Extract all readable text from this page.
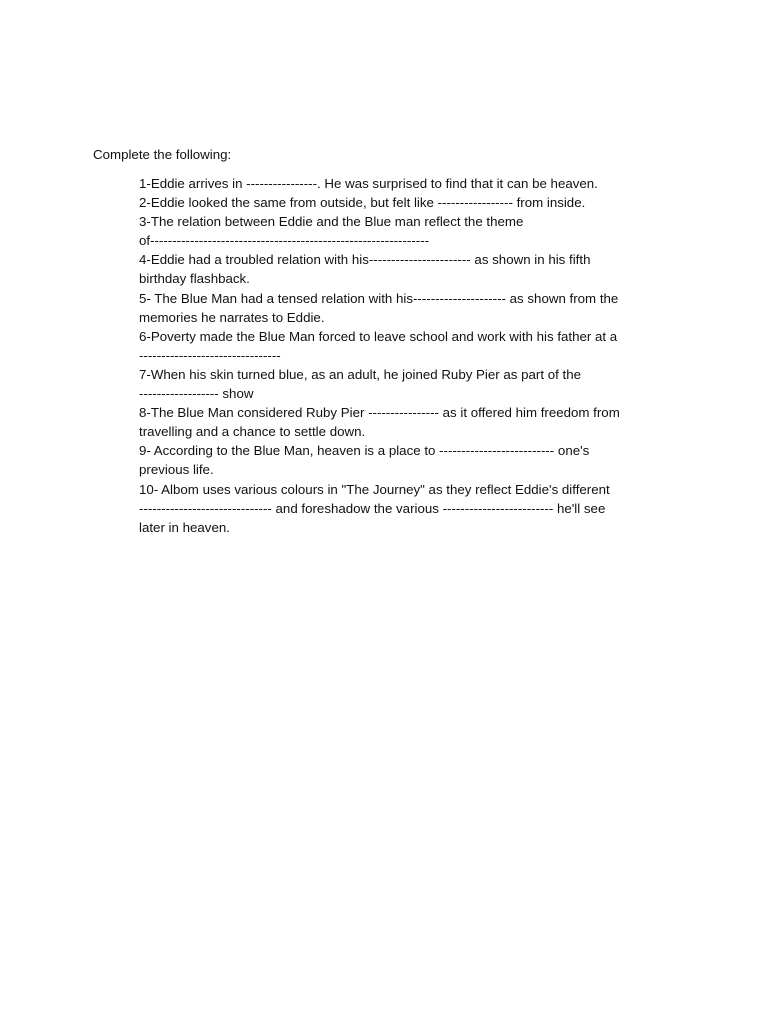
Complete the following:
1-Eddie arrives in ----------------. He was surprised to find that it can be heaven.
2-Eddie looked the same from outside, but felt like ----------------- from inside.
3-The relation between Eddie and the Blue man reflect the theme
of---------------------------------------------------------------
4-Eddie had a troubled relation with his----------------------- as shown in his fifth
birthday flashback.
5- The Blue Man had a tensed relation with his--------------------- as shown from the
memories he narrates to Eddie.
6-Poverty made the Blue Man forced to leave school and work with his father at a
--------------------------------
7-When his skin turned blue, as an adult, he joined Ruby Pier as part of the
------------------ show
8-The Blue Man considered Ruby Pier ---------------- as it offered him freedom from
travelling and a chance to settle down.
9- According to the Blue Man, heaven is a place to -------------------------- one's
previous life.
10- Albom uses various colours in "The Journey" as they reflect Eddie's different
------------------------------ and foreshadow the various ------------------------- he'll see
later in heaven.
